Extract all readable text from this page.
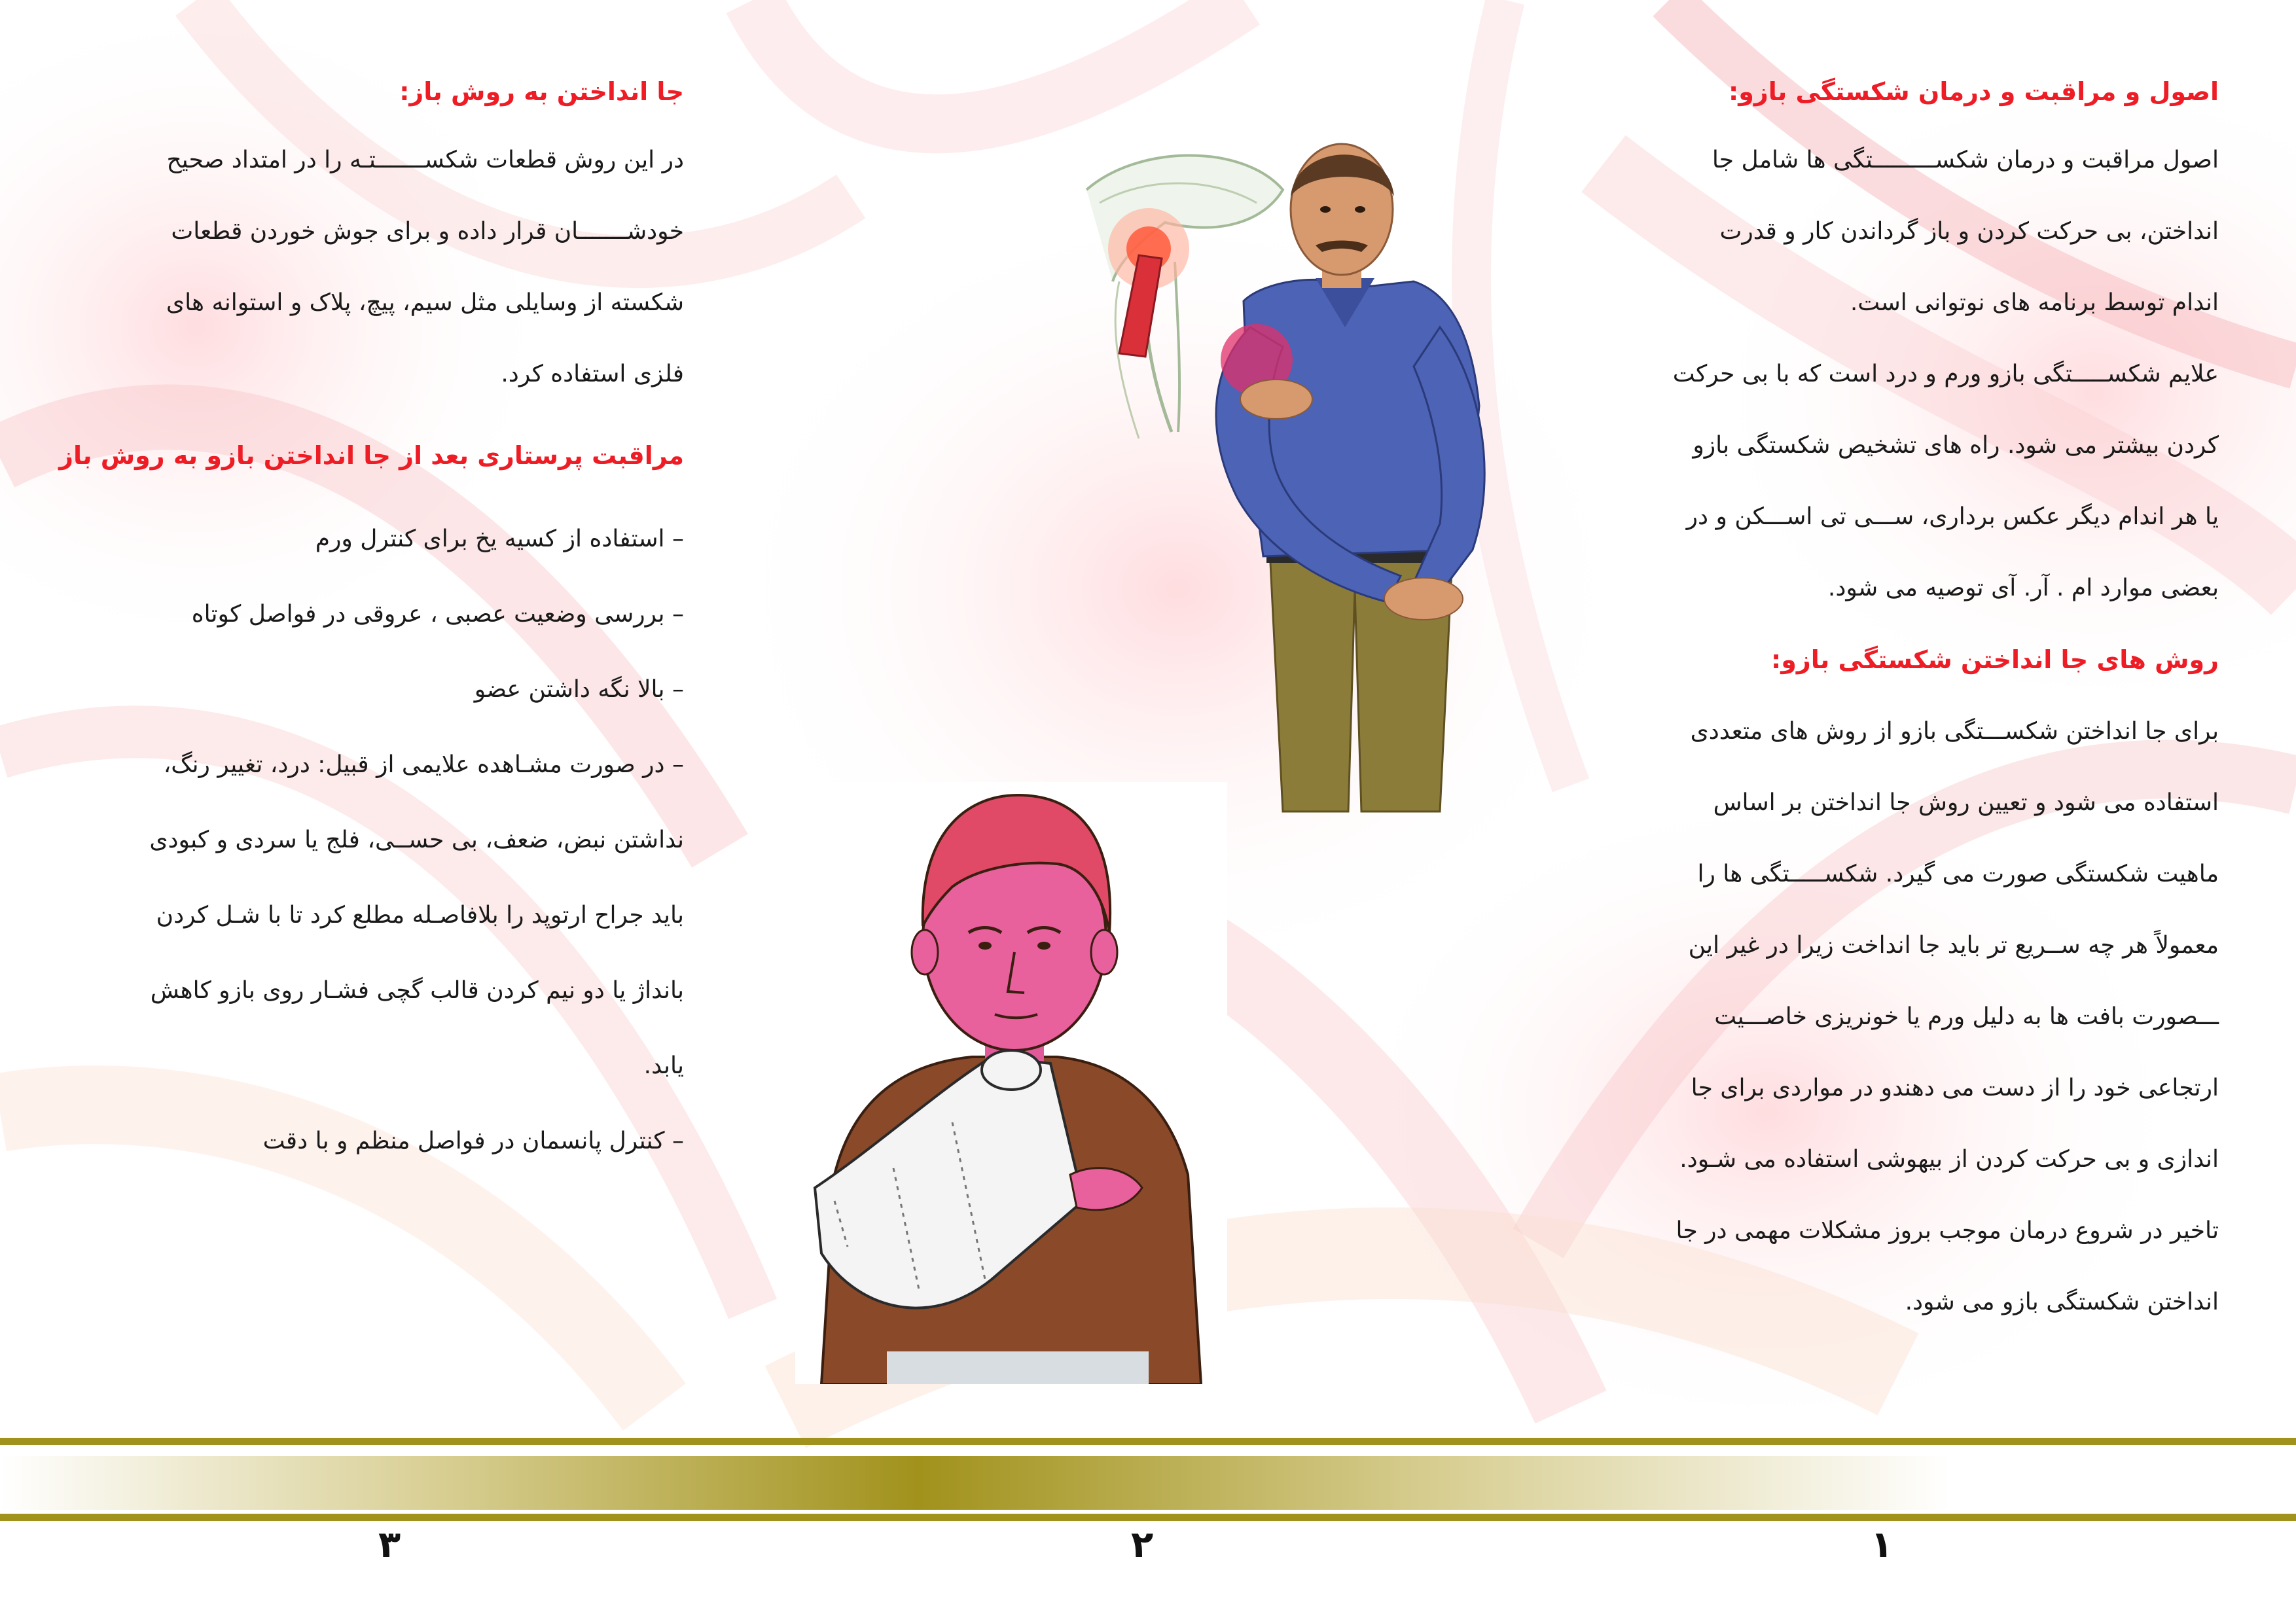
اصول و مراقبت و درمان شکستگی بازو:

اصول مراقبت و درمان شکســـــــــتگی ها شامل جا

انداختن، بی حرکت کردن و باز گرداندن کار و قدرت

اندام توسط برنامه های نوتوانی است.

علایم شکســـــتگی بازو ورم و درد است که با بی حرکت

کردن بیشتر می شود. راه های تشخیص شکستگی بازو

یا هر اندام دیگر عکس برداری، ســـی تی اســـکن و در

بعضی موارد ام . آر. آی توصیه می شود.

روش های جا انداختن شکستگی بازو:

برای جا انداختن شکســـتگی بازو از روش های متعددی

استفاده می شود و تعیین روش جا انداختن بر اساس

ماهیت شکستگی صورت می گیرد. شکســـــتگی ها را

معمولاً هر چه ســریع تر باید جا انداخت زیرا در غیر این

ـــصورت بافت ها به دلیل ورم یا خونریزی خاصـــیت

ارتجاعی خود را از دست می دهندو در مواردی برای جا

اندازی و بی حرکت کردن از بیهوشی استفاده می شـود.

تاخیر در شروع درمان موجب بروز مشکلات مهمی در جا

انداختن شکستگی بازو می شود.

جا انداختن به روش باز:

در این روش قطعات شکســـــــتـه را در امتداد صحیح

خودشـــــــان قرار داده و برای جوش خوردن قطعات

شکسته از وسایلی مثل سیم، پیچ، پلاک و استوانه های

فلزی استفاده کرد.

مراقبت پرستاری بعد از جا انداختن بازو به روش باز

– استفاده از کسیه یخ برای کنترل ورم

– بررسی وضعیت عصبی ، عروقی در فواصل کوتاه

– بالا نگه داشتن عضو

– در صورت مشـاهده علایمی از قبیل: درد، تغییر رنگ،

نداشتن نبض، ضعف، بی حســی، فلج یا سردی و کبودی

باید جراح ارتوپد را بلافاصـله مطلع کرد تا با شـل کردن

بانداژ یا دو نیم کردن قالب گچی فشـار روی بازو کاهش

یابد.

– کنترل پانسمان در فواصل منظم و با دقت

۱
۲
۳
